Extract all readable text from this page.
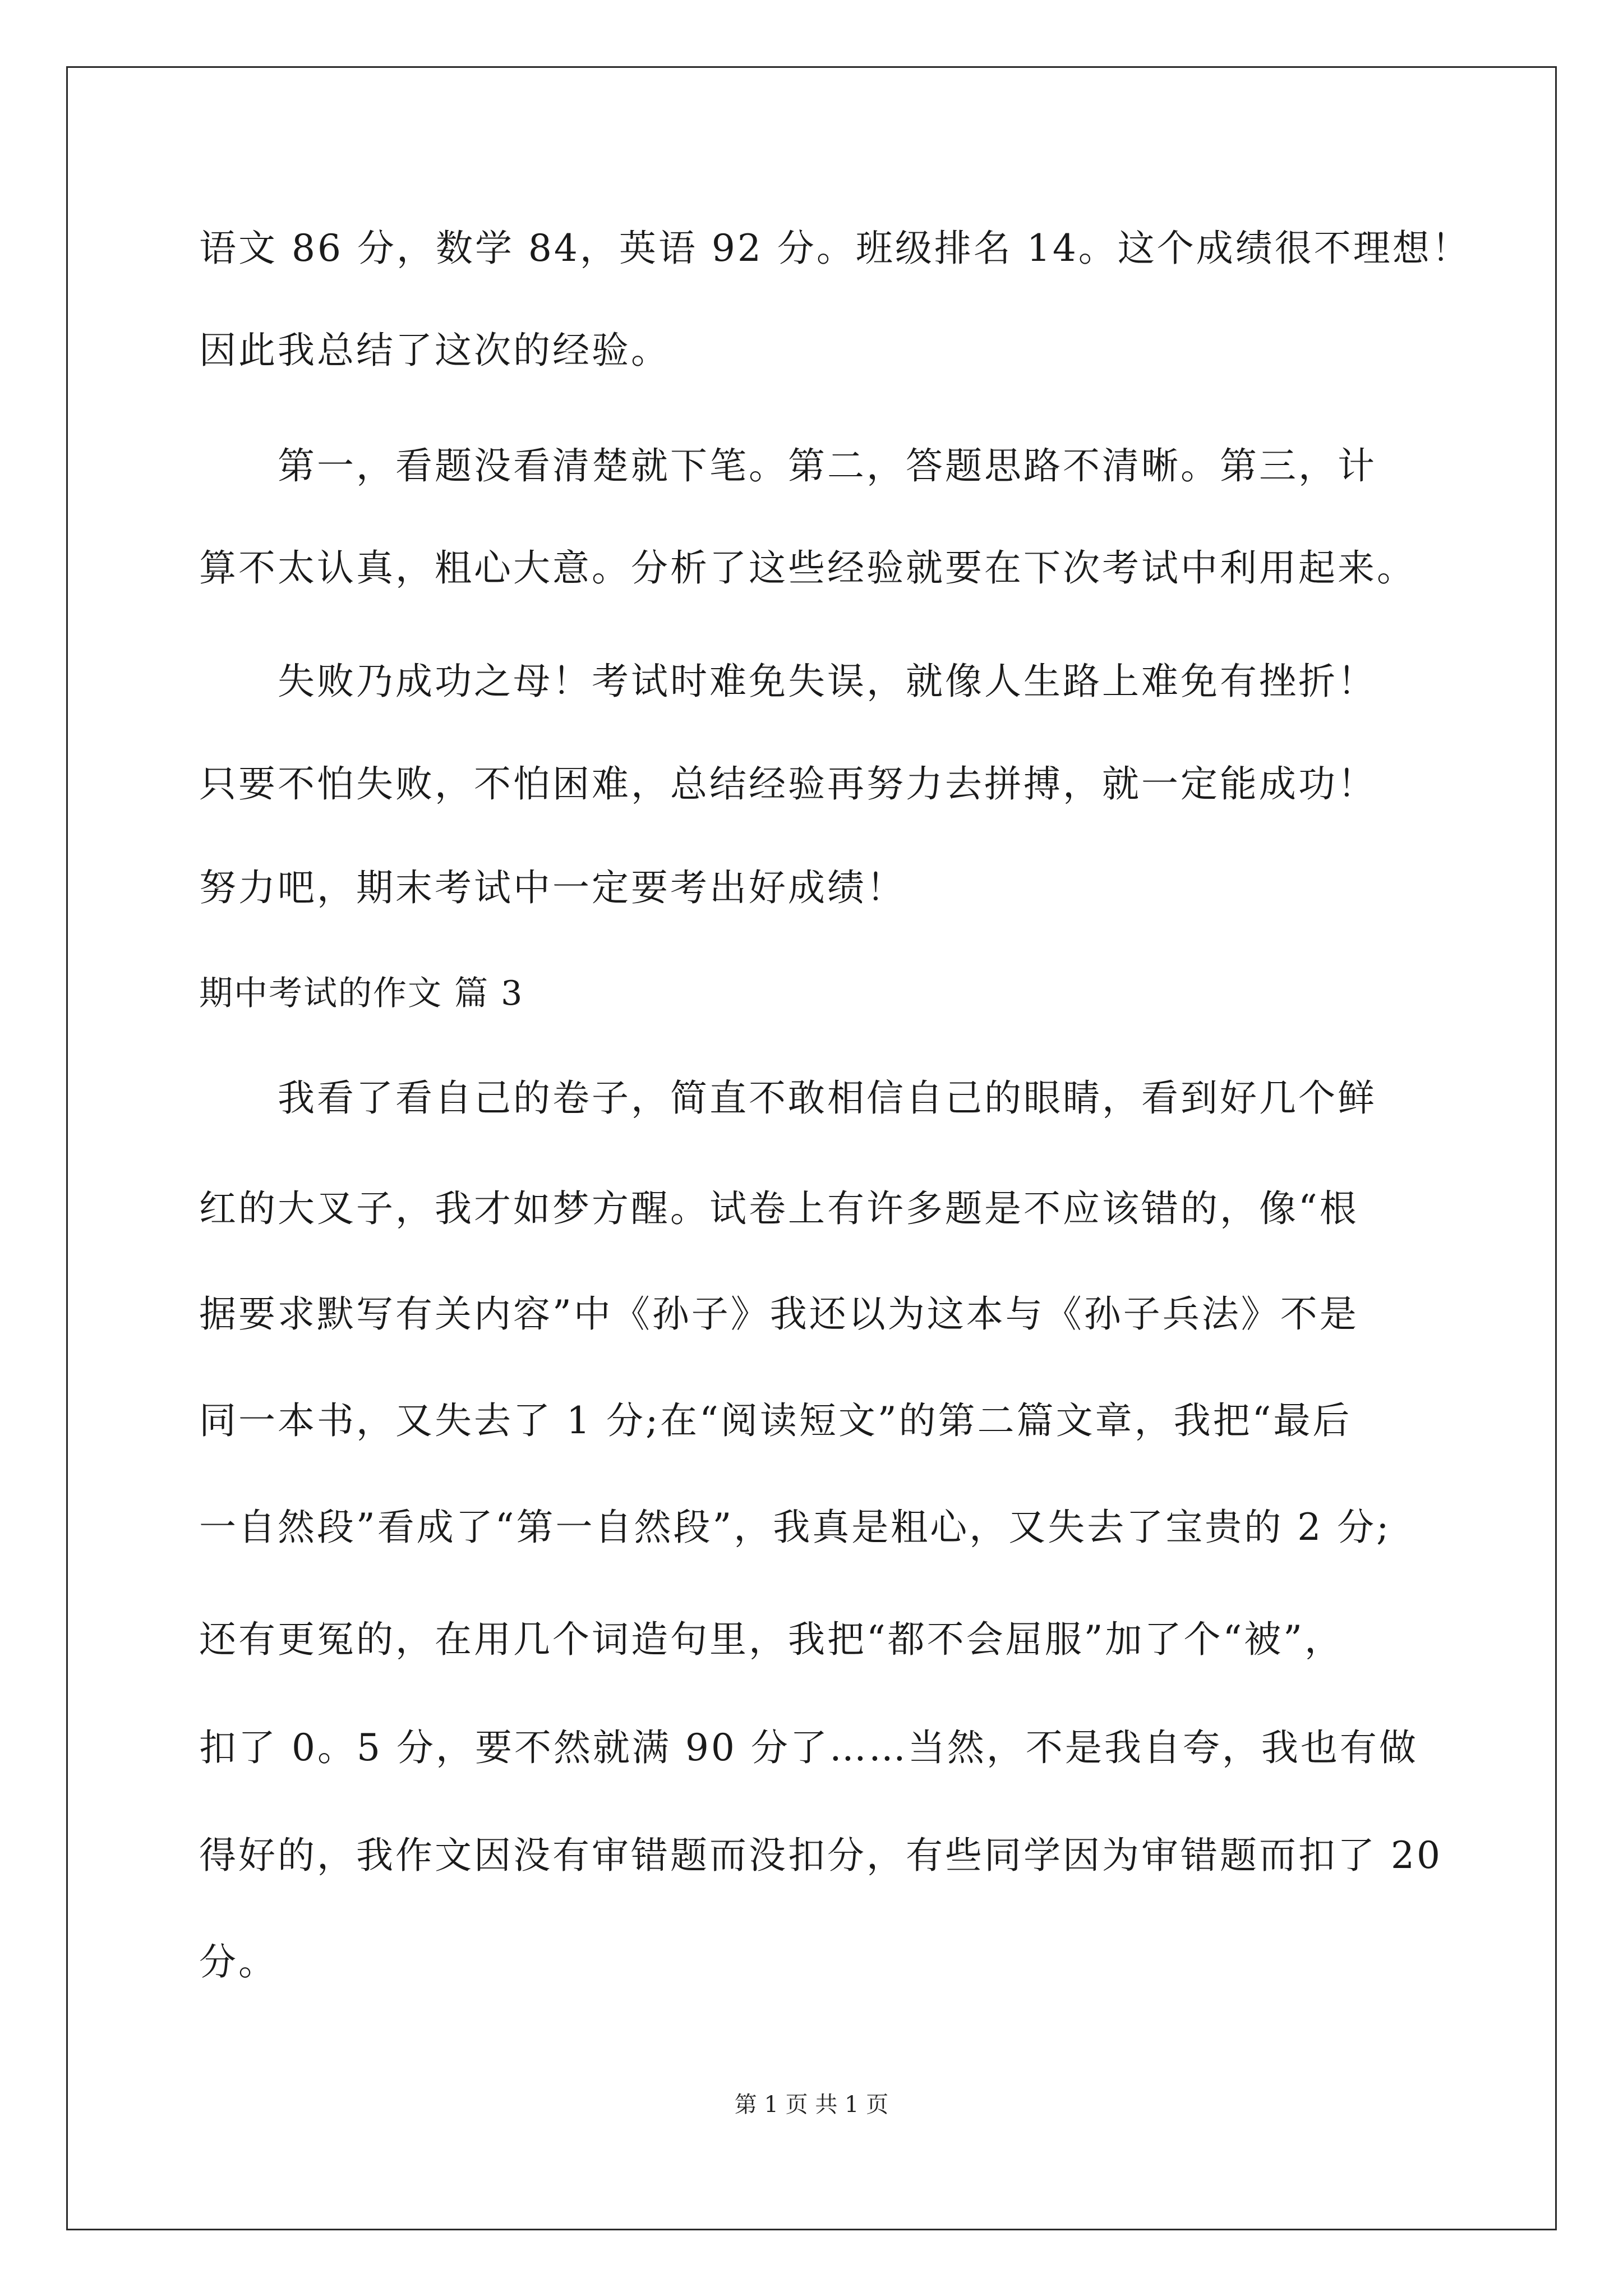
语文 86 分，数学 84，英语 92 分。班级排名 14。这个成绩很不理想！
因此我总结了这次的经验。
　　第一，看题没看清楚就下笔。第二，答题思路不清晰。第三，计
算不太认真，粗心大意。分析了这些经验就要在下次考试中利用起来。
　　失败乃成功之母！考试时难免失误，就像人生路上难免有挫折！
只要不怕失败，不怕困难，总结经验再努力去拼搏，就一定能成功！
努力吧，期末考试中一定要考出好成绩！
期中考试的作文 篇 3
　　我看了看自己的卷子，简直不敢相信自己的眼睛，看到好几个鲜
红的大叉子，我才如梦方醒。试卷上有许多题是不应该错的，像“根
据要求默写有关内容”中《孙子》我还以为这本与《孙子兵法》不是
同一本书，又失去了 1 分;在“阅读短文”的第二篇文章，我把“最后
一自然段”看成了“第一自然段”，我真是粗心，又失去了宝贵的 2 分;
还有更冤的，在用几个词造句里，我把“都不会屈服”加了个“被”，
扣了 0。5 分，要不然就满 90 分了……当然，不是我自夸，我也有做
得好的，我作文因没有审错题而没扣分，有些同学因为审错题而扣了 20
分。
第 1 页 共 1 页
